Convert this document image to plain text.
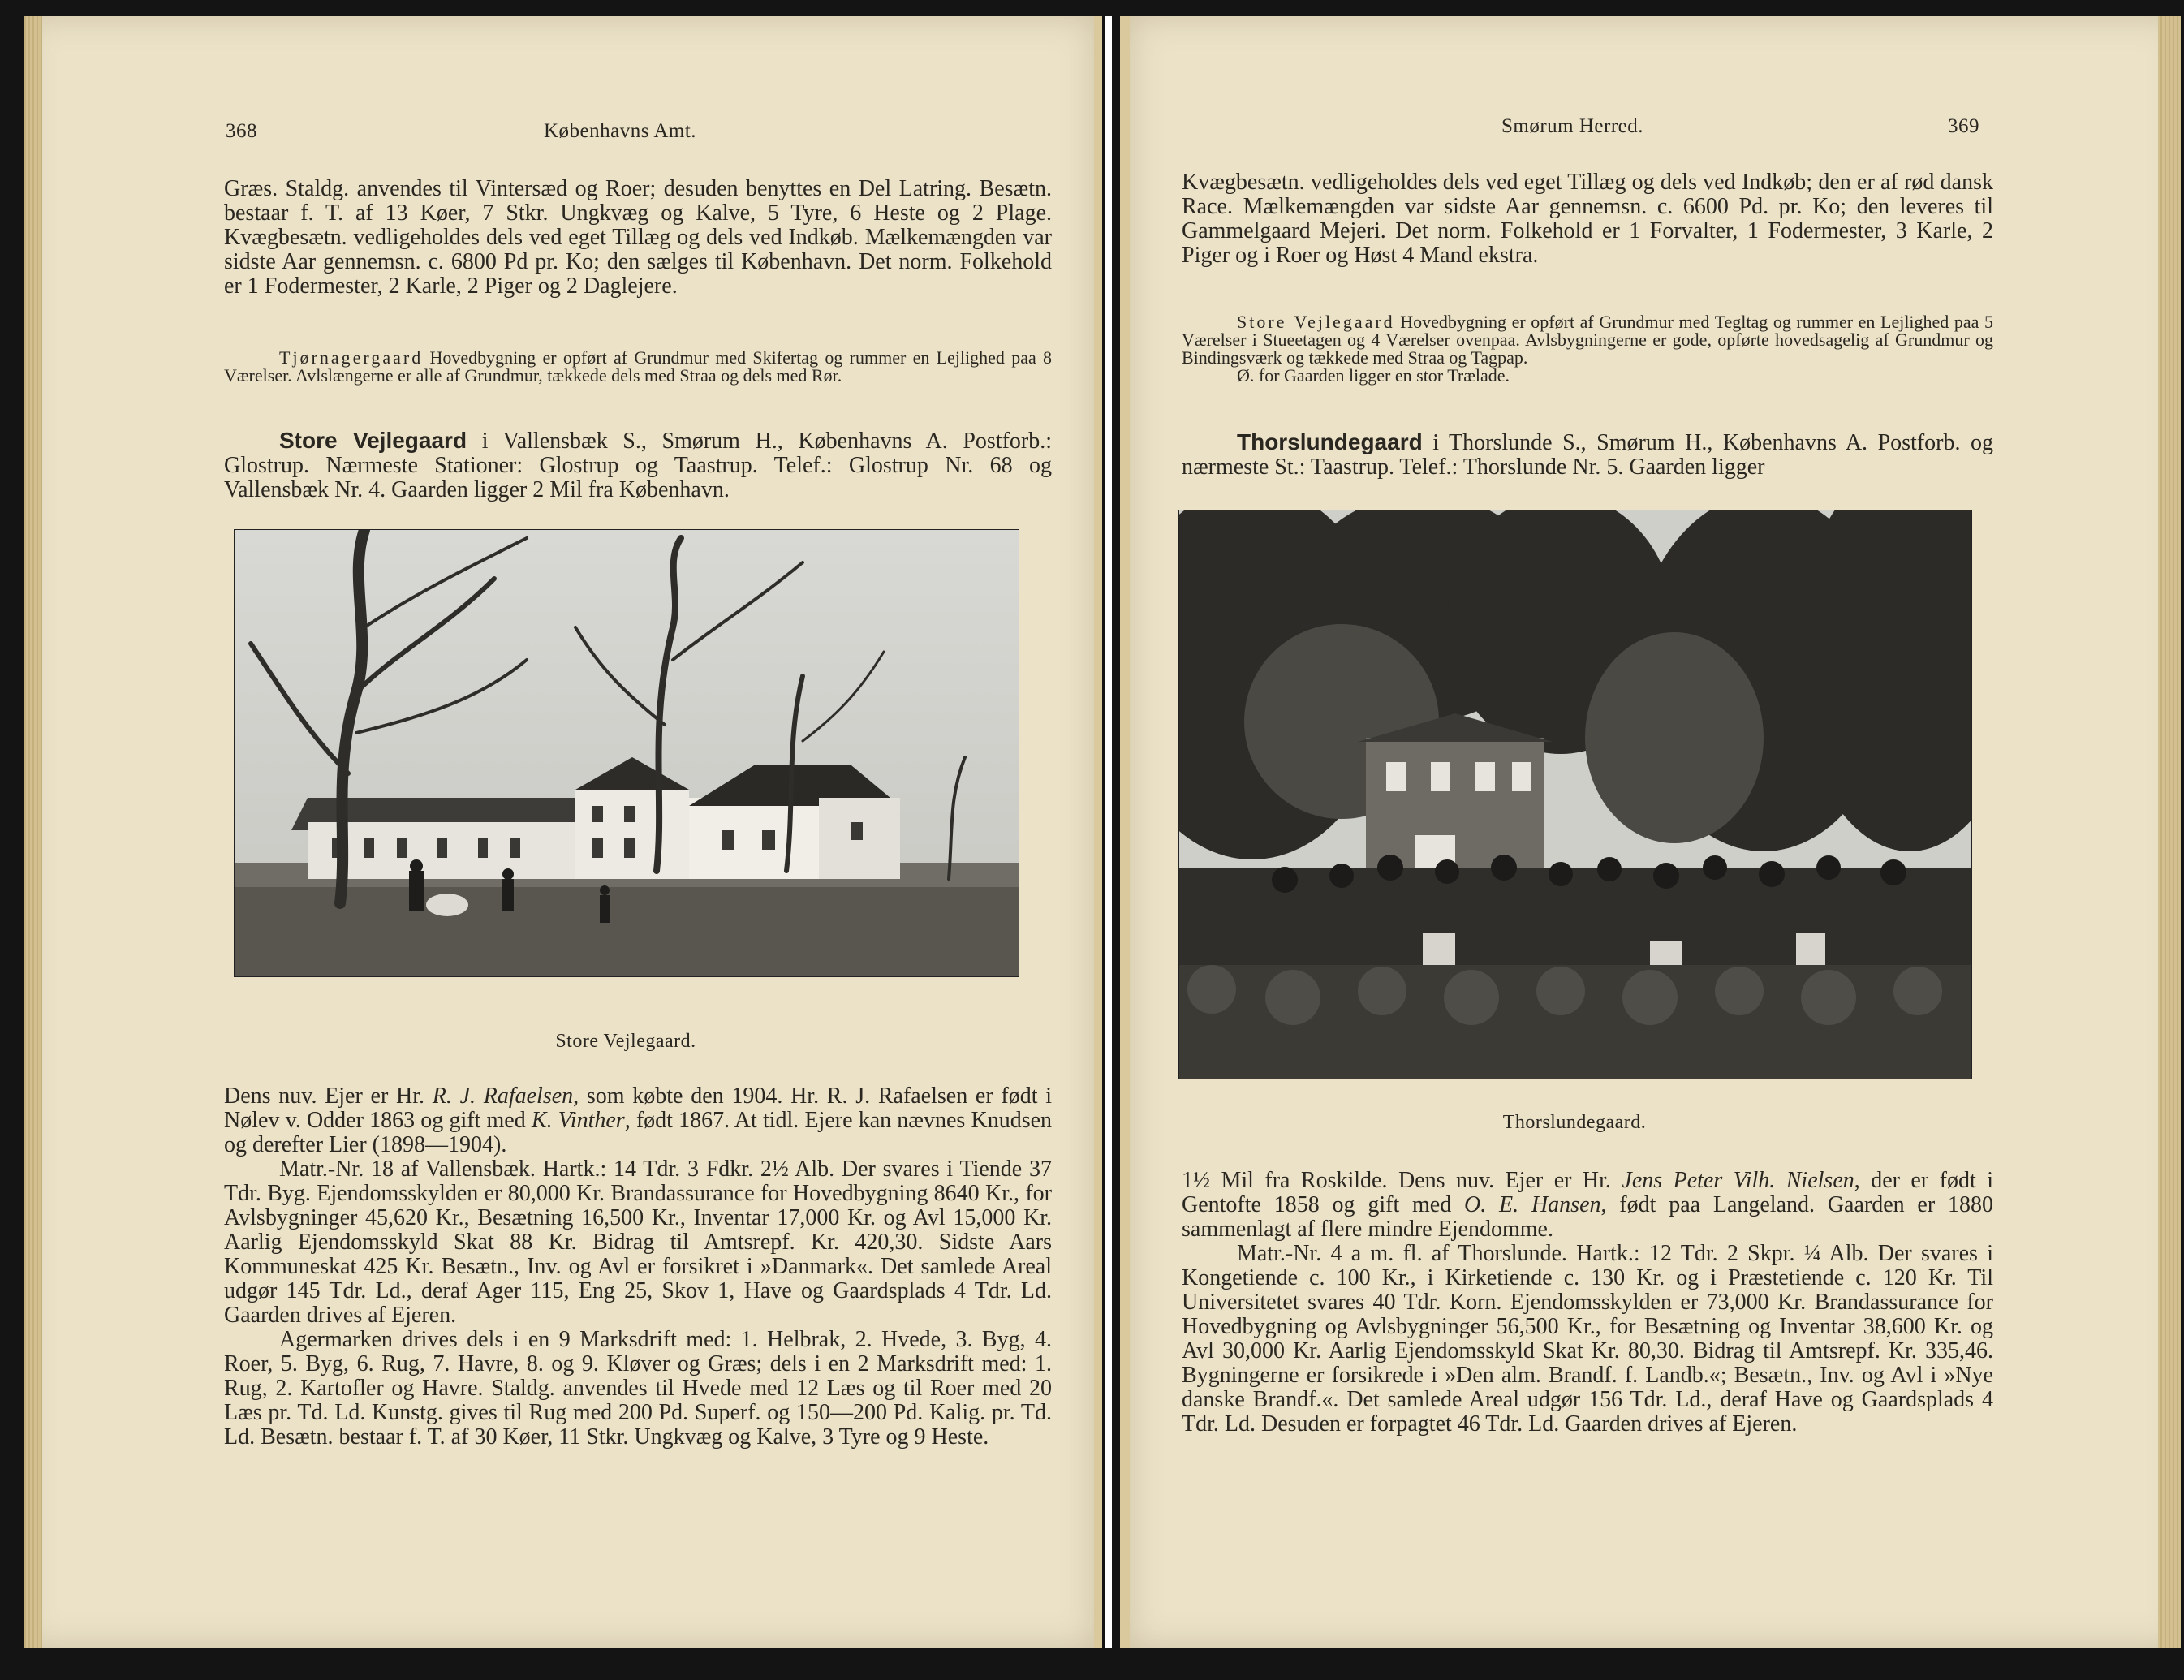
368	Københavns Amt.

Græs. Staldg. anvendes til Vintersæd og Roer; desuden benyttes en Del Latring. Besætn. bestaar f. T. af 13 Køer, 7 Stkr. Ungkvæg og Kalve, 5 Tyre, 6 Heste og 2 Plage. Kvægbesætn. vedligeholdes dels ved eget Tillæg og dels ved Indkøb. Mælkemængden var sidste Aar gennemsn. c. 6800 Pd pr. Ko; den sælges til København. Det norm. Folkehold er 1 Fodermester, 2 Karle, 2 Piger og 2 Daglejere.

Tjørnagergaard Hovedbygning er opført af Grundmur med Skifertag og rummer en Lejlighed paa 8 Værelser. Avlslængerne er alle af Grundmur, tækkede dels med Straa og dels med Rør.

Store Vejlegaard i Vallensbæk S., Smørum H., Københavns A. Postforb.: Glostrup. Nærmeste Stationer: Glostrup og Taastrup. Telef.: Glostrup Nr. 68 og Vallensbæk Nr. 4. Gaarden ligger 2 Mil fra København.

Store Vejlegaard.

Dens nuv. Ejer er Hr. R. J. Rafaelsen, som købte den 1904. Hr. R. J. Rafaelsen er født i Nølev v. Odder 1863 og gift med K. Vinther, født 1867. At tidl. Ejere kan nævnes Knudsen og derefter Lier (1898—1904).

Matr.-Nr. 18 af Vallensbæk. Hartk.: 14 Tdr. 3 Fdkr. 2½ Alb. Der svares i Tiende 37 Tdr. Byg. Ejendomsskylden er 80,000 Kr. Brandassurance for Hovedbygning 8640 Kr., for Avlsbygninger 45,620 Kr., Besætning 16,500 Kr., Inventar 17,000 Kr. og Avl 15,000 Kr. Aarlig Ejendomsskyld Skat 88 Kr. Bidrag til Amtsrepf. Kr. 420,30. Sidste Aars Kommuneskat 425 Kr. Besætn., Inv. og Avl er forsikret i »Danmark«. Det samlede Areal udgør 145 Tdr. Ld., deraf Ager 115, Eng 25, Skov 1, Have og Gaardsplads 4 Tdr. Ld. Gaarden drives af Ejeren.

Agermarken drives dels i en 9 Marksdrift med: 1. Helbrak, 2. Hvede, 3. Byg, 4. Roer, 5. Byg, 6. Rug, 7. Havre, 8. og 9. Kløver og Græs; dels i en 2 Marksdrift med: 1. Rug, 2. Kartofler og Havre. Staldg. anvendes til Hvede med 12 Læs og til Roer med 20 Læs pr. Td. Ld. Kunstg. gives til Rug med 200 Pd. Superf. og 150—200 Pd. Kalig. pr. Td. Ld. Besætn. bestaar f. T. af 30 Køer, 11 Stkr. Ungkvæg og Kalve, 3 Tyre og 9 Heste.

Smørum Herred.	369

Kvægbesætn. vedligeholdes dels ved eget Tillæg og dels ved Indkøb; den er af rød dansk Race. Mælkemængden var sidste Aar gennemsn. c. 6600 Pd. pr. Ko; den leveres til Gammelgaard Mejeri. Det norm. Folkehold er 1 Forvalter, 1 Fodermester, 3 Karle, 2 Piger og i Roer og Høst 4 Mand ekstra.

Store Vejlegaard Hovedbygning er opført af Grundmur med Tegltag og rummer en Lejlighed paa 5 Værelser i Stueetagen og 4 Værelser ovenpaa. Avlsbygningerne er gode, opførte hovedsagelig af Grundmur og Bindingsværk og tækkede med Straa og Tagpap.

Ø. for Gaarden ligger en stor Trælade.

Thorslundegaard i Thorslunde S., Smørum H., Københavns A. Postforb. og nærmeste St.: Taastrup. Telef.: Thorslunde Nr. 5. Gaarden ligger

Thorslundegaard.

1½ Mil fra Roskilde. Dens nuv. Ejer er Hr. Jens Peter Vilh. Nielsen, der er født i Gentofte 1858 og gift med O. E. Hansen, født paa Langeland. Gaarden er 1880 sammenlagt af flere mindre Ejendomme.

Matr.-Nr. 4 a m. fl. af Thorslunde. Hartk.: 12 Tdr. 2 Skpr. ¼ Alb. Der svares i Kongetiende c. 100 Kr., i Kirketiende c. 130 Kr. og i Præstetiende c. 120 Kr. Til Universitetet svares 40 Tdr. Korn. Ejendomsskylden er 73,000 Kr. Brandassurance for Hovedbygning og Avlsbygninger 56,500 Kr., for Besætning og Inventar 38,600 Kr. og Avl 30,000 Kr. Aarlig Ejendomsskyld Skat Kr. 80,30. Bidrag til Amtsrepf. Kr. 335,46. Bygningerne er forsikrede i »Den alm. Brandf. f. Landb.«; Besætn., Inv. og Avl i »Nye danske Brandf.«. Det samlede Areal udgør 156 Tdr. Ld., deraf Have og Gaardsplads 4 Tdr. Ld. Desuden er forpagtet 46 Tdr. Ld. Gaarden drives af Ejeren.
